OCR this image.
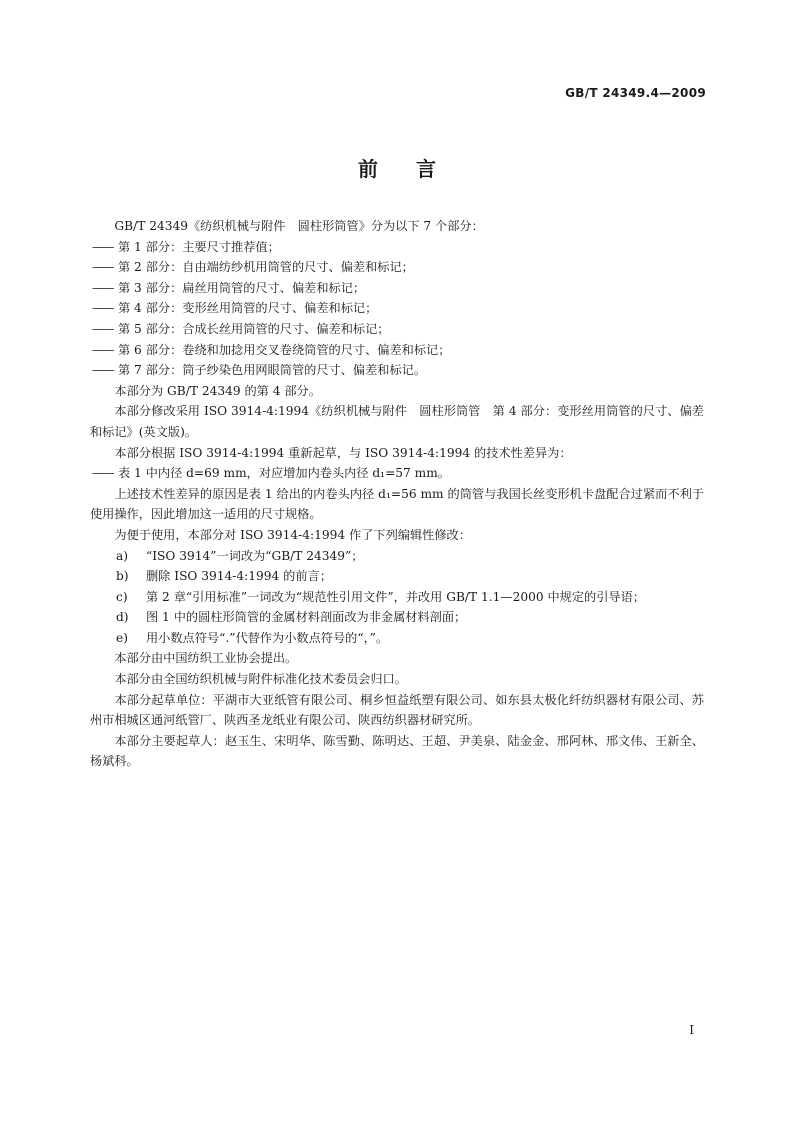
GB/T 24349.4—2009
前言

GB/T 24349《纺织机械与附件　圆柱形筒管》分为以下 7 个部分：

—— 第 1 部分：主要尺寸推荐值；

—— 第 2 部分：自由端纺纱机用筒管的尺寸、偏差和标记；

—— 第 3 部分：扁丝用筒管的尺寸、偏差和标记；

—— 第 4 部分：变形丝用筒管的尺寸、偏差和标记；

—— 第 5 部分：合成长丝用筒管的尺寸、偏差和标记；

—— 第 6 部分：卷绕和加捻用交叉卷绕筒管的尺寸、偏差和标记；

—— 第 7 部分：筒子纱染色用网眼筒管的尺寸、偏差和标记。

本部分为 GB/T 24349 的第 4 部分。

本部分修改采用 ISO 3914-4:1994《纺织机械与附件　圆柱形筒管　第 4 部分：变形丝用筒管的尺寸、偏差和标记》(英文版)。

本部分根据 ISO 3914-4:1994 重新起草，与 ISO 3914-4:1994 的技术性差异为：

—— 表 1 中内径 d=69 mm，对应增加内卷头内径 d₁=57 mm。

上述技术性差异的原因是表 1 给出的内卷头内径 d₁=56 mm 的筒管与我国长丝变形机卡盘配合过紧而不利于使用操作，因此增加这一适用的尺寸规格。

为便于使用，本部分对 ISO 3914-4:1994 作了下列编辑性修改：

a) “ISO 3914”一词改为“GB/T 24349”；

b) 删除 ISO 3914-4:1994 的前言；

c) 第 2 章“引用标准”一词改为“规范性引用文件”，并改用 GB/T 1.1—2000 中规定的引导语；

d) 图 1 中的圆柱形筒管的金属材料剖面改为非金属材料剖面；

e) 用小数点符号“.”代替作为小数点符号的“，”。

本部分由中国纺织工业协会提出。

本部分由全国纺织机械与附件标准化技术委员会归口。

本部分起草单位：平湖市大亚纸管有限公司、桐乡恒益纸塑有限公司、如东县太极化纤纺织器材有限公司、苏州市相城区通河纸管厂、陕西圣龙纸业有限公司、陕西纺织器材研究所。

本部分主要起草人：赵玉生、宋明华、陈雪勤、陈明达、王超、尹美泉、陆金金、邢阿林、邢文伟、王新全、杨斌科。

I
